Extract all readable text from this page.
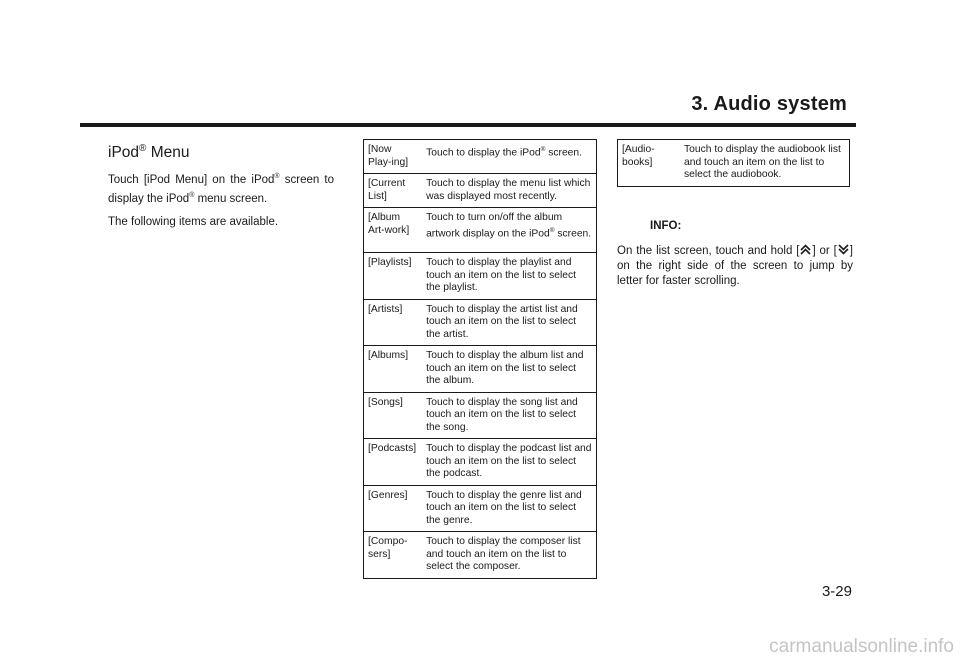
3. Audio system
iPod® Menu

Touch [iPod Menu] on the iPod® screen to display the iPod® menu screen.

The following items are available.

[Now Play-ing]	Touch to display the iPod® screen.
[Current List]	Touch to display the menu list which was displayed most recently.
[Album Art-work]	Touch to turn on/off the album artwork display on the iPod® screen.
[Playlists]	Touch to display the playlist and touch an item on the list to select the playlist.
[Artists]	Touch to display the artist list and touch an item on the list to select the artist.
[Albums]	Touch to display the album list and touch an item on the list to select the album.
[Songs]	Touch to display the song list and touch an item on the list to select the song.
[Podcasts]	Touch to display the podcast list and touch an item on the list to select the podcast.
[Genres]	Touch to display the genre list and touch an item on the list to select the genre.
[Compo-sers]	Touch to display the composer list and touch an item on the list to select the composer.
[Audio-books]	Touch to display the audiobook list and touch an item on the list to select the audiobook.
INFO:

On the list screen, touch and hold [ ] or [ ] on the right side of the screen to jump by letter for faster scrolling.

3-29
carmanualsonline.info
